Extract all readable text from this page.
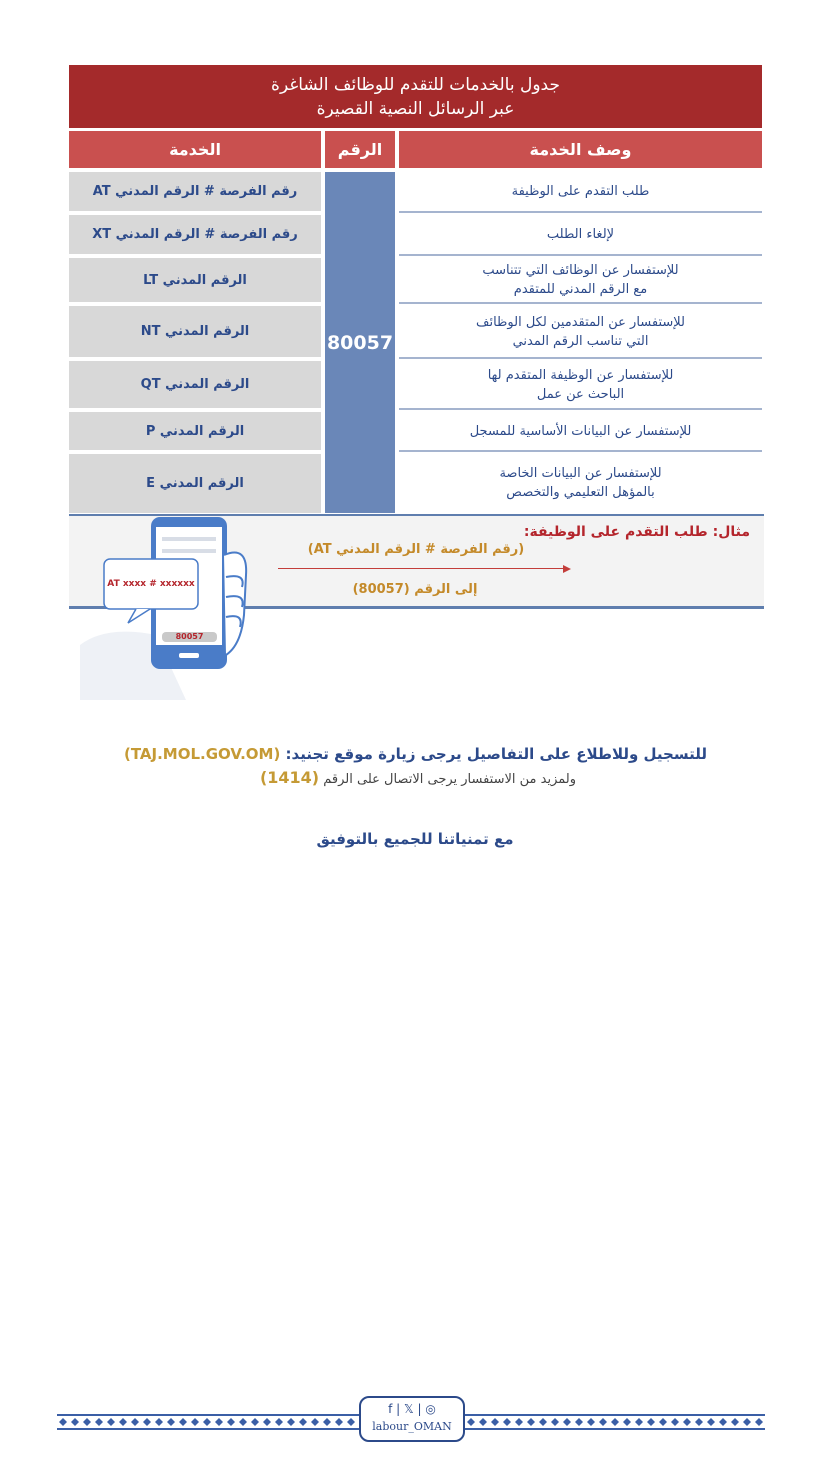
جدول بالخدمات للتقدم للوظائف الشاغرة
عبر الرسائل النصية القصيرة
الخدمة	الرقم	وصف الخدمة
80057
رقم الفرصة # الرقم المدني AT
رقم الفرصة # الرقم المدني XT
الرقم المدني LT
الرقم المدني NT
الرقم المدني QT
الرقم المدني P
الرقم المدني E
طلب التقدم على الوظيفة
لإلغاء الطلب
للإستفسار عن الوظائف التي تتناسب
مع الرقم المدني للمتقدم
للإستفسار عن المتقدمين لكل الوظائف
التي تناسب الرقم المدني
للإستفسار عن الوظيفة المتقدم لها
الباحث عن عمل
للإستفسار عن البيانات الأساسية للمسجل
للإستفسار عن البيانات الخاصة
بالمؤهل التعليمي والتخصص
مثال: طلب التقدم على الوظيفة:
(رقم الفرصة # الرقم المدني AT)
إلى الرقم (80057)
AT xxxx # xxxxxx
80057
للتسجيل وللاطلاع على التفاصيل يرجى زيارة موقع تجنيد: (TAJ.MOL.GOV.OM)
ولمزيد من الاستفسار يرجى الاتصال على الرقم (1414)
مع تمنياتنا للجميع بالتوفيق
f | 𝕏 | ◎
labour_OMAN
